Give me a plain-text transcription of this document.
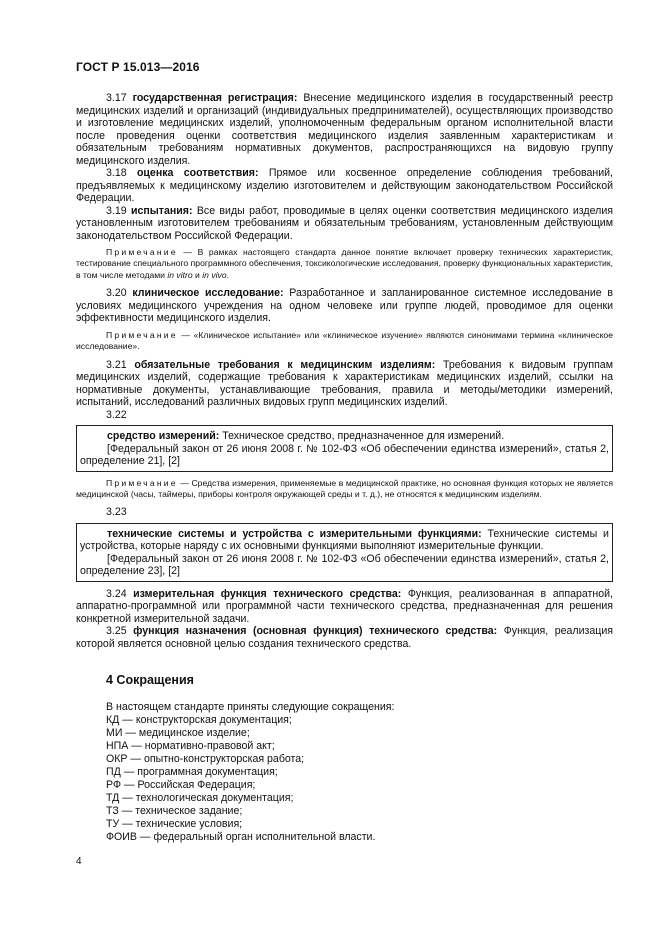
ГОСТ Р 15.013—2016

3.17 государственная регистрация: Внесение медицинского изделия в государственный реестр медицинских изделий и организаций (индивидуальных предпринимателей), осуществляющих производство и изготовление медицинских изделий, уполномоченным федеральным органом исполнительной власти после проведения оценки соответствия медицинского изделия заявленным характеристикам и обязательным требованиям нормативных документов, распространяющихся на видовую группу медицинского изделия.

3.18 оценка соответствия: Прямое или косвенное определение соблюдения требований, предъявляемых к медицинскому изделию изготовителем и действующим законодательством Российской Федерации.

3.19 испытания: Все виды работ, проводимые в целях оценки соответствия медицинского изделия установленным изготовителем требованиям и обязательным требованиям, установленным действующим законодательством Российской Федерации.

Примечание — В рамках настоящего стандарта данное понятие включает проверку технических характеристик, тестирование специального программного обеспечения, токсикологические исследования, проверку функциональных характеристик, в том числе методами in vitro и in vivo.

3.20 клиническое исследование: Разработанное и запланированное системное исследование в условиях медицинского учреждения на одном человеке или группе людей, проводимое для оценки эффективности медицинского изделия.

Примечание — «Клиническое испытание» или «клиническое изучение» являются синонимами термина «клиническое исследование».

3.21 обязательные требования к медицинским изделиям: Требования к видовым группам медицинских изделий, содержащие требования к характеристикам медицинских изделий, ссылки на нормативные документы, устанавливающие требования, правила и методы/методики измерений, испытаний, исследований различных видовых групп медицинских изделий.

3.22

средство измерений: Техническое средство, предназначенное для измерений.

[Федеральный закон от 26 июня 2008 г. № 102-ФЗ «Об обеспечении единства измерений», статья 2, определение 21], [2]

Примечание — Средства измерения, применяемые в медицинской практике, но основная функция которых не является медицинской (часы, таймеры, приборы контроля окружающей среды и т. д.), не относятся к медицинским изделиям.

3.23

технические системы и устройства с измерительными функциями: Технические системы и устройства, которые наряду с их основными функциями выполняют измерительные функции.

[Федеральный закон от 26 июня 2008 г. № 102-ФЗ «Об обеспечении единства измерений», статья 2, определение 23], [2]

3.24 измерительная функция технического средства: Функция, реализованная в аппаратной, аппаратно-программной или программной части технического средства, предназначенная для решения конкретной измерительной задачи.

3.25 функция назначения (основная функция) технического средства: Функция, реализация которой является основной целью создания технического средства.

4 Сокращения

В настоящем стандарте приняты следующие сокращения:

КД — конструкторская документация;
МИ — медицинское изделие;
НПА — нормативно-правовой акт;
ОКР — опытно-конструкторская работа;
ПД — программная документация;
РФ — Российская Федерация;
ТД — технологическая документация;
ТЗ — техническое задание;
ТУ — технические условия;
ФОИВ — федеральный орган исполнительной власти.
4
